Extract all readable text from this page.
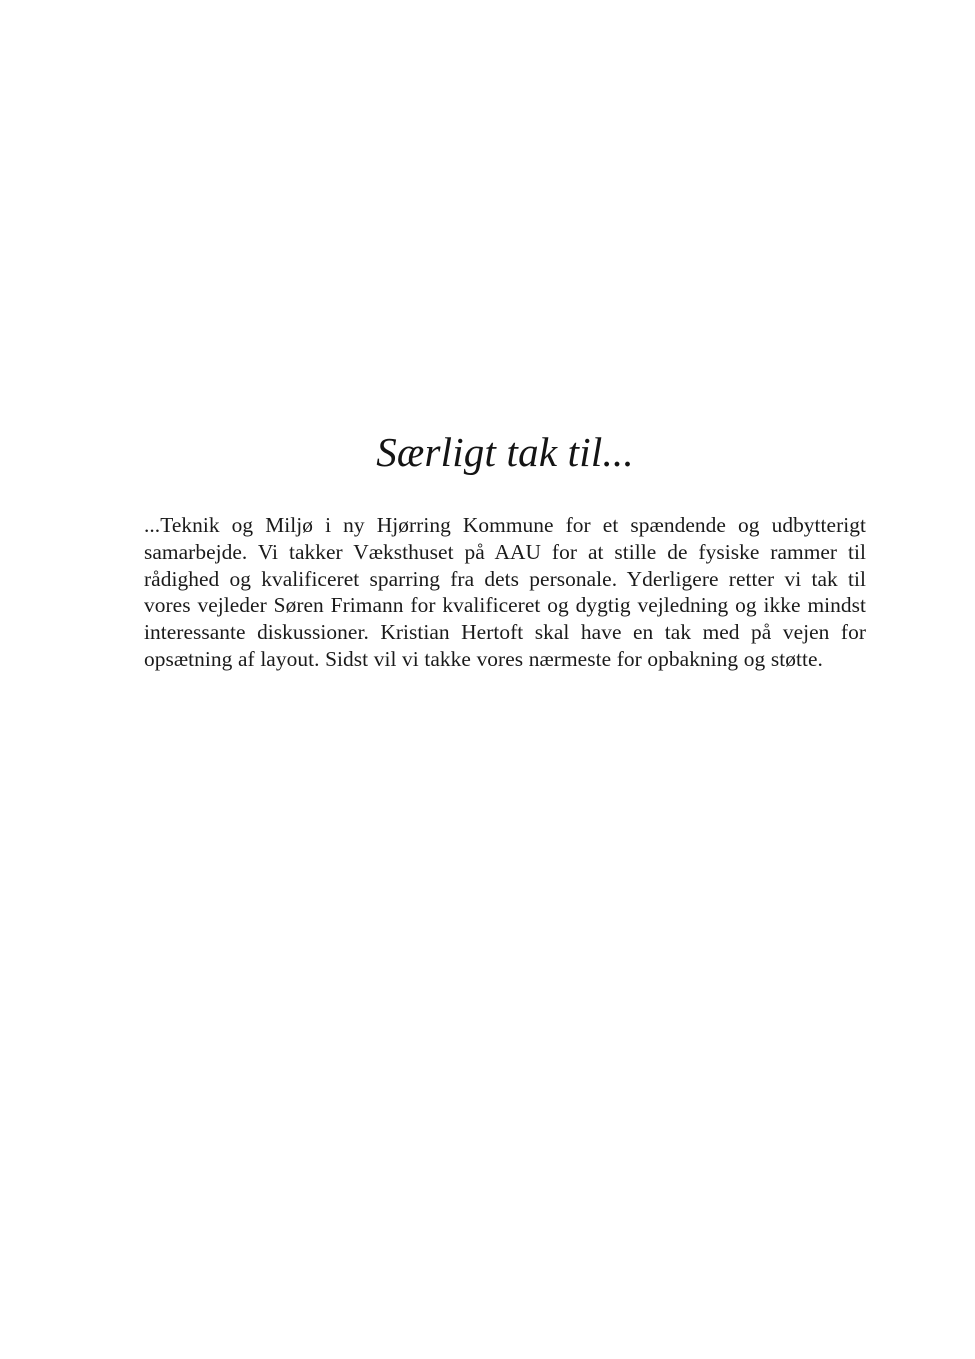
Særligt tak til...

...Teknik og Miljø i ny Hjørring Kommune for et spændende og udbytterigt samarbejde. Vi takker Væksthuset på AAU for at stille de fysiske rammer til rådighed og kvalificeret sparring fra dets personale. Yderligere retter vi tak til vores vejleder Søren Frimann for kvalificeret og dygtig vejledning og ikke mindst interessante diskussioner. Kristian Hertoft skal have en tak med på vejen for opsætning af layout. Sidst vil vi takke vores nærmeste for opbakning og støtte.
